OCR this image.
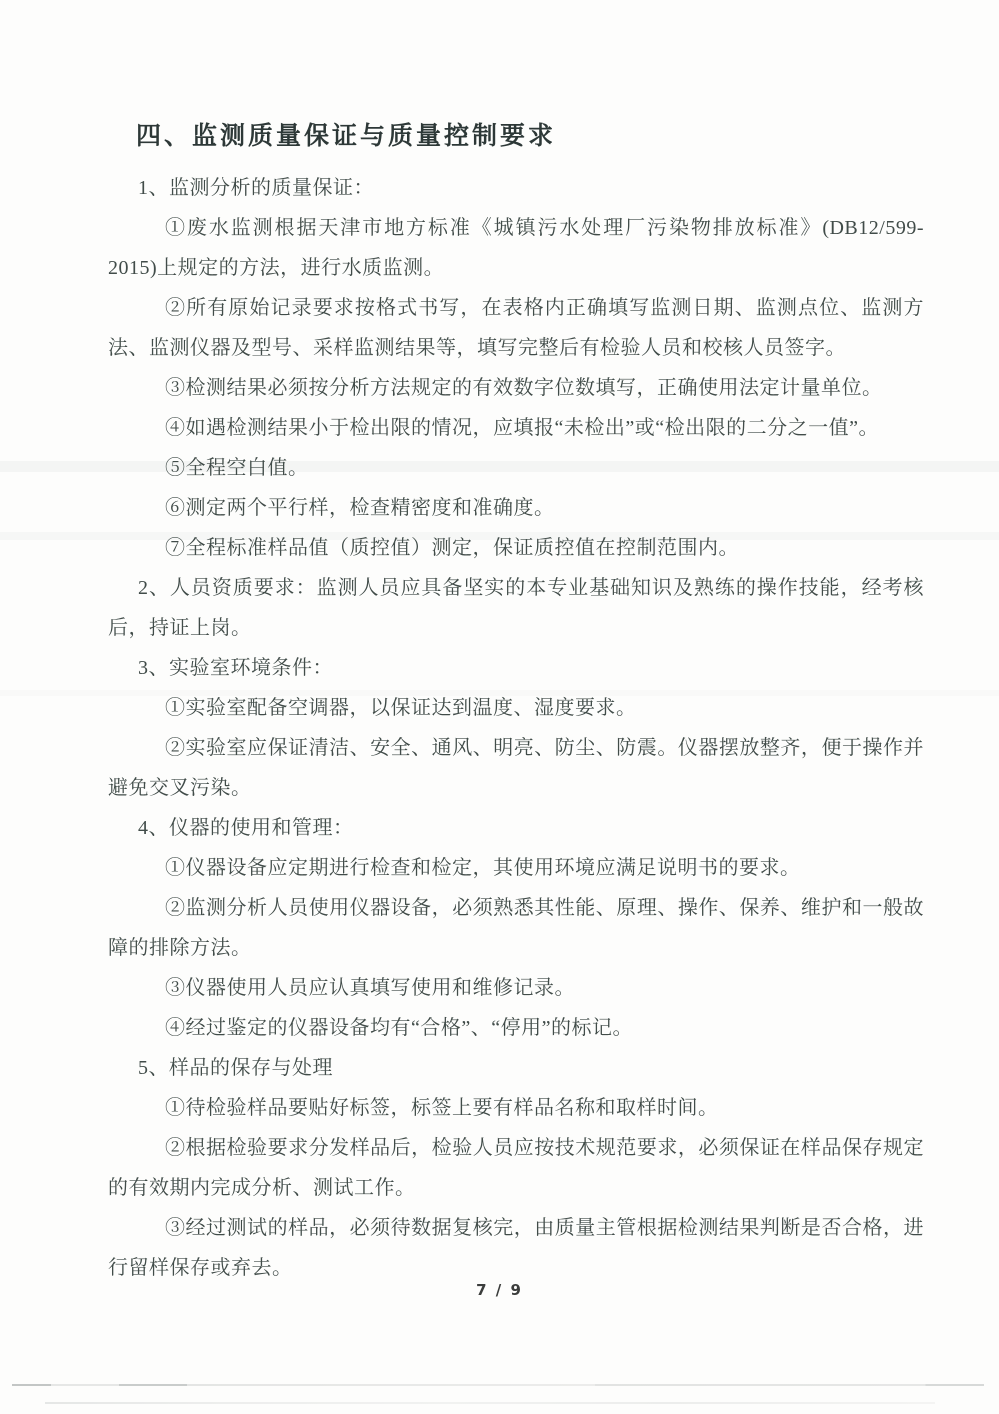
四、监测质量保证与质量控制要求

1、监测分析的质量保证：

①废水监测根据天津市地方标准《城镇污水处理厂污染物排放标准》(DB12/599-2015)上规定的方法，进行水质监测。

②所有原始记录要求按格式书写，在表格内正确填写监测日期、监测点位、监测方法、监测仪器及型号、采样监测结果等，填写完整后有检验人员和校核人员签字。

③检测结果必须按分析方法规定的有效数字位数填写，正确使用法定计量单位。

④如遇检测结果小于检出限的情况，应填报“未检出”或“检出限的二分之一值”。

⑤全程空白值。

⑥测定两个平行样，检查精密度和准确度。

⑦全程标准样品值（质控值）测定，保证质控值在控制范围内。

2、人员资质要求：监测人员应具备坚实的本专业基础知识及熟练的操作技能，经考核后，持证上岗。

3、实验室环境条件：

①实验室配备空调器，以保证达到温度、湿度要求。

②实验室应保证清洁、安全、通风、明亮、防尘、防震。仪器摆放整齐，便于操作并避免交叉污染。

4、仪器的使用和管理：

①仪器设备应定期进行检查和检定，其使用环境应满足说明书的要求。

②监测分析人员使用仪器设备，必须熟悉其性能、原理、操作、保养、维护和一般故障的排除方法。

③仪器使用人员应认真填写使用和维修记录。

④经过鉴定的仪器设备均有“合格”、“停用”的标记。

5、样品的保存与处理

①待检验样品要贴好标签，标签上要有样品名称和取样时间。

②根据检验要求分发样品后，检验人员应按技术规范要求，必须保证在样品保存规定的有效期内完成分析、测试工作。

③经过测试的样品，必须待数据复核完，由质量主管根据检测结果判断是否合格，进行留样保存或弃去。

7 / 9
